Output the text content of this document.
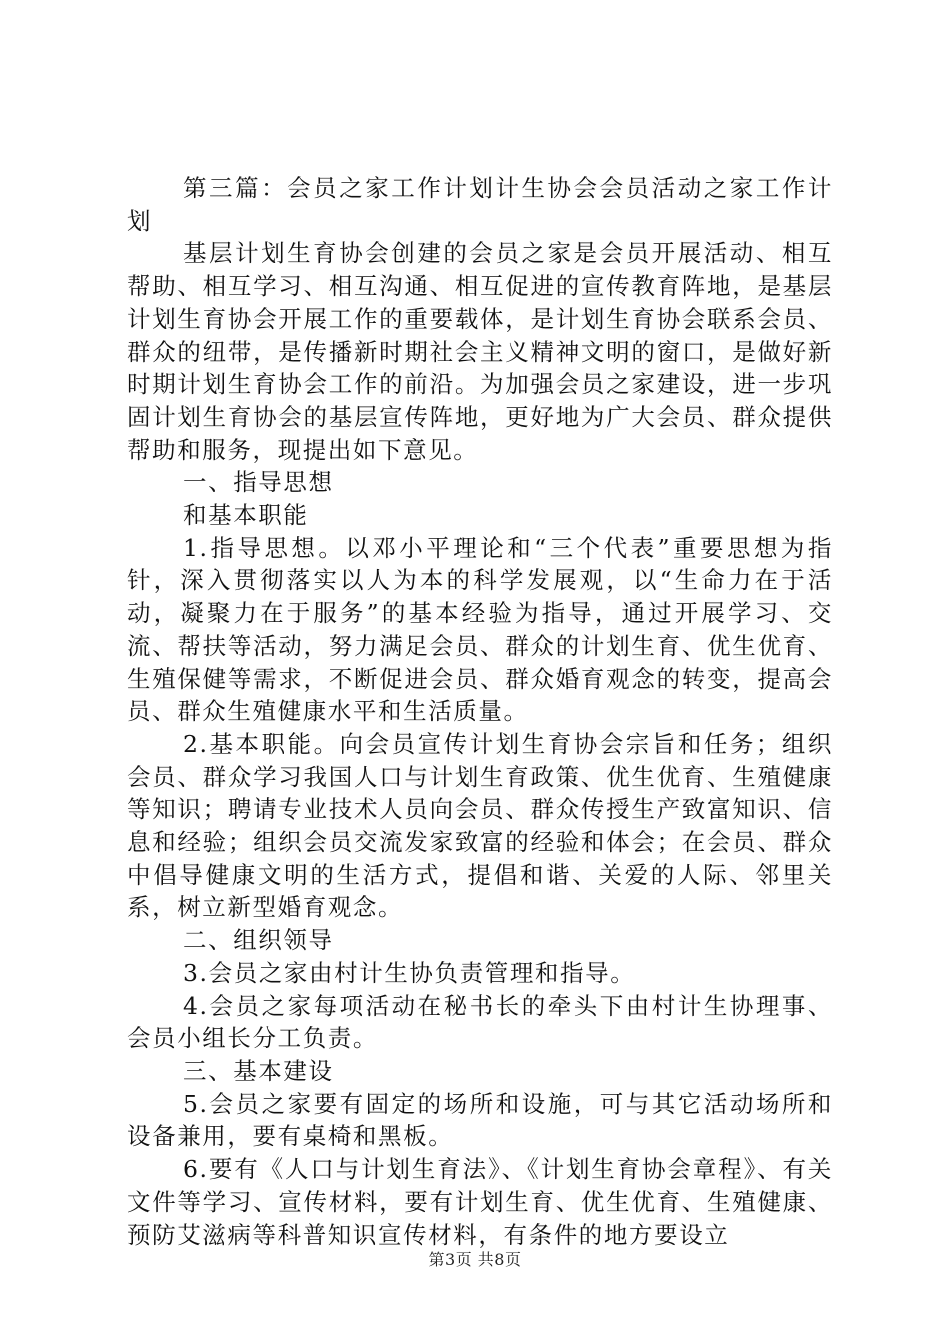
第三篇：会员之家工作计划计生协会会员活动之家工作计划

基层计划生育协会创建的会员之家是会员开展活动、相互帮助、相互学习、相互沟通、相互促进的宣传教育阵地，是基层计划生育协会开展工作的重要载体，是计划生育协会联系会员、群众的纽带，是传播新时期社会主义精神文明的窗口，是做好新时期计划生育协会工作的前沿。为加强会员之家建设，进一步巩固计划生育协会的基层宣传阵地，更好地为广大会员、群众提供帮助和服务，现提出如下意见。

一、指导思想

和基本职能

1.指导思想。以邓小平理论和“三个代表”重要思想为指针，深入贯彻落实以人为本的科学发展观，以“生命力在于活动，凝聚力在于服务”的基本经验为指导，通过开展学习、交流、帮扶等活动，努力满足会员、群众的计划生育、优生优育、生殖保健等需求，不断促进会员、群众婚育观念的转变，提高会员、群众生殖健康水平和生活质量。

2.基本职能。向会员宣传计划生育协会宗旨和任务；组织会员、群众学习我国人口与计划生育政策、优生优育、生殖健康等知识；聘请专业技术人员向会员、群众传授生产致富知识、信息和经验；组织会员交流发家致富的经验和体会；在会员、群众中倡导健康文明的生活方式，提倡和谐、关爱的人际、邻里关系，树立新型婚育观念。

二、组织领导

3.会员之家由村计生协负责管理和指导。

4.会员之家每项活动在秘书长的牵头下由村计生协理事、会员小组长分工负责。

三、基本建设

5.会员之家要有固定的场所和设施，可与其它活动场所和设备兼用，要有桌椅和黑板。

6.要有《人口与计划生育法》、《计划生育协会章程》、有关文件等学习、宣传材料，要有计划生育、优生优育、生殖健康、预防艾滋病等科普知识宣传材料，有条件的地方要设立

第3页 共8页
